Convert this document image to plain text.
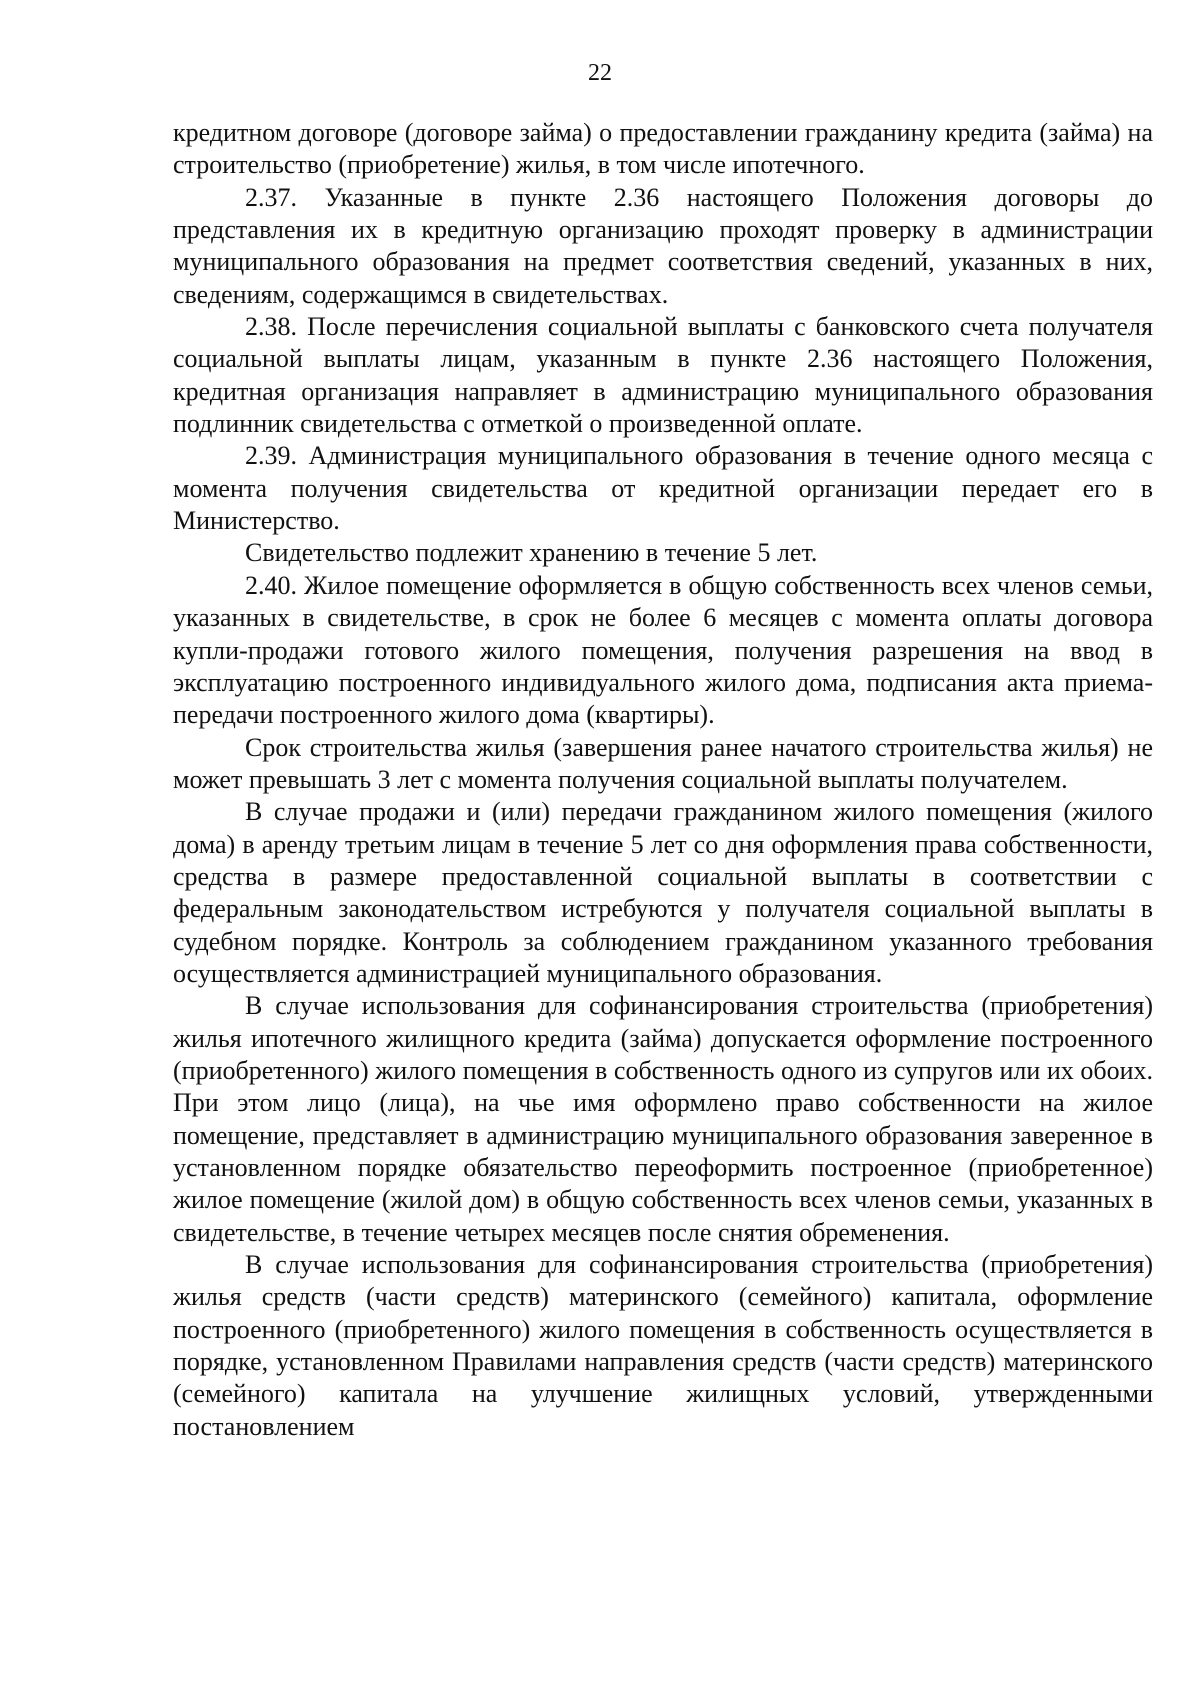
22

кредитном договоре (договоре займа) о предоставлении гражданину кредита (займа) на строительство (приобретение) жилья, в том числе ипотечного.

2.37. Указанные в пункте 2.36 настоящего Положения договоры до представления их в кредитную организацию проходят проверку в администрации муниципального образования на предмет соответствия сведений, указанных в них, сведениям, содержащимся в свидетельствах.

2.38. После перечисления социальной выплаты с банковского счета получателя социальной выплаты лицам, указанным в пункте 2.36 настоящего Положения, кредитная организация направляет в администрацию муниципального образования подлинник свидетельства с отметкой о произведенной оплате.

2.39. Администрация муниципального образования в течение одного месяца с момента получения свидетельства от кредитной организации передает его в Министерство.

Свидетельство подлежит хранению в течение 5 лет.

2.40. Жилое помещение оформляется в общую собственность всех членов семьи, указанных в свидетельстве, в срок не более 6 месяцев с момента оплаты договора купли-продажи готового жилого помещения, получения разрешения на ввод в эксплуатацию построенного индивидуального жилого дома, подписания акта приема-передачи построенного жилого дома (квартиры).

Срок строительства жилья (завершения ранее начатого строительства жилья) не может превышать 3 лет с момента получения социальной выплаты получателем.

В случае продажи и (или) передачи гражданином жилого помещения (жилого дома) в аренду третьим лицам в течение 5 лет со дня оформления права собственности, средства в размере предоставленной социальной выплаты в соответствии с федеральным законодательством истребуются у получателя социальной выплаты в судебном порядке. Контроль за соблюдением гражданином указанного требования осуществляется администрацией муниципального образования.

В случае использования для софинансирования строительства (приобретения) жилья ипотечного жилищного кредита (займа) допускается оформление построенного (приобретенного) жилого помещения в собственность одного из супругов или их обоих. При этом лицо (лица), на чье имя оформлено право собственности на жилое помещение, представляет в администрацию муниципального образования заверенное в установленном порядке обязательство переоформить построенное (приобретенное) жилое помещение (жилой дом) в общую собственность всех членов семьи, указанных в свидетельстве, в течение четырех месяцев после снятия обременения.

В случае использования для софинансирования строительства (приобретения) жилья средств (части средств) материнского (семейного) капитала, оформление построенного (приобретенного) жилого помещения в собственность осуществляется в порядке, установленном Правилами направления средств (части средств) материнского (семейного) капитала на улучшение жилищных условий, утвержденными постановлением
